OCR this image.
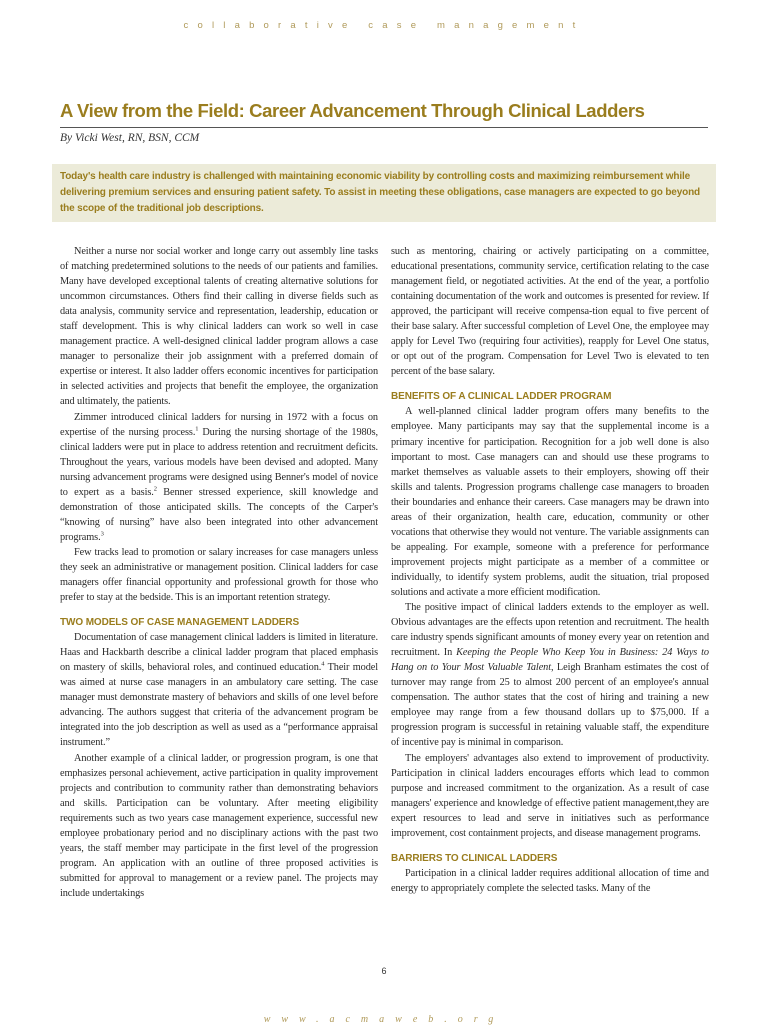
collaborative case management
A View from the Field: Career Advancement Through Clinical Ladders
By Vicki West, RN, BSN, CCM
Today's health care industry is challenged with maintaining economic viability by controlling costs and maximizing reimbursement while delivering premium services and ensuring patient safety. To assist in meeting these obligations, case managers are expected to go beyond the scope of the traditional job descriptions.

Neither a nurse nor social worker and longe carry out assembly line tasks of matching predetermined solutions to the needs of our patients and families. Many have developed exceptional talents of creating alternative solutions for uncommon circumstances. Others find their calling in diverse fields such as data analysis, community service and representation, leadership, education or staff development. This is why clinical ladders can work so well in case management practice. A well-designed clinical ladder program allows a case manager to personalize their job assignment with a preferred domain of expertise or interest. It also ladder offers economic incentives for participation in selected activities and projects that benefit the employee, the organization and ultimately, the patients.

Zimmer introduced clinical ladders for nursing in 1972 with a focus on expertise of the nursing process.$^1$ During the nursing shortage of the 1980s, clinical ladders were put in place to address retention and recruitment deficits. Throughout the years, various models have been devised and adopted. Many nursing advancement programs were designed using Benner's model of novice to expert as a basis.$^2$ Benner stressed experience, skill knowledge and demonstration of those anticipated skills. The concepts of the Carper's “knowing of nursing” have also been integrated into other advancement programs.$^3$

Few tracks lead to promotion or salary increases for case managers unless they seek an administrative or management position. Clinical ladders for case managers offer financial opportunity and professional growth for those who prefer to stay at the bedside. This is an important retention strategy.

TWO MODELS OF CASE MANAGEMENT LADDERS

Documentation of case management clinical ladders is limited in literature. Haas and Hackbarth describe a clinical ladder program that placed emphasis on mastery of skills, behavioral roles, and continued education.$^4$ Their model was aimed at nurse case managers in an ambulatory care setting. The case manager must demonstrate mastery of behaviors and skills of one level before advancing. The authors suggest that criteria of the advancement program be integrated into the job description as well as used as a “performance appraisal instrument.”

Another example of a clinical ladder, or progression program, is one that emphasizes personal achievement, active participation in quality improvement projects and contribution to community rather than demonstrating behaviors and skills. Participation can be voluntary. After meeting eligibility requirements such as two years case management experience, successful new employee probationary period and no disciplinary actions with the past two years, the staff member may participate in the first level of the progression program. An application with an outline of three proposed activities is submitted for approval to management or a review panel. The projects may include undertakings

such as mentoring, chairing or actively participating on a committee, educational presentations, community service, certification relating to the case management field, or negotiated activities. At the end of the year, a portfolio containing documentation of the work and outcomes is presented for review. If approved, the participant will receive compensa-tion equal to five percent of their base salary. After successful completion of Level One, the employee may apply for Level Two (requiring four activities), reapply for Level One status, or opt out of the program. Compensation for Level Two is elevated to ten percent of the base salary.

BENEFITS OF A CLINICAL LADDER PROGRAM

A well-planned clinical ladder program offers many benefits to the employee. Many participants may say that the supplemental income is a primary incentive for participation. Recognition for a job well done is also important to most. Case managers can and should use these programs to market themselves as valuable assets to their employers, showing off their skills and talents. Progression programs challenge case managers to broaden their boundaries and enhance their careers. Case managers may be drawn into areas of their organization, health care, education, community or other vocations that otherwise they would not venture. The variable assignments can be appealing. For example, someone with a preference for performance improvement projects might participate as a member of a committee or individually, to identify system problems, audit the situation, trial proposed solutions and activate a more efficient modification.

The positive impact of clinical ladders extends to the employer as well. Obvious advantages are the effects upon retention and recruitment. The health care industry spends significant amounts of money every year on retention and recruitment. In Keeping the People Who Keep You in Business: 24 Ways to Hang on to Your Most Valuable Talent, Leigh Branham estimates the cost of turnover may range from 25 to almost 200 percent of an employee's annual compensation. The author states that the cost of hiring and training a new employee may range from a few thousand dollars up to $75,000. If a progression program is successful in retaining valuable staff, the expenditure of incentive pay is minimal in comparison.

The employers' advantages also extend to improvement of productivity. Participation in clinical ladders encourages efforts which lead to common purpose and increased commitment to the organization. As a result of case managers' experience and knowledge of effective patient management,they are expert resources to lead and serve in initiatives such as performance improvement, cost containment projects, and disease management programs.

BARRIERS TO CLINICAL LADDERS

Participation in a clinical ladder requires additional allocation of time and energy to appropriately complete the selected tasks. Many of the

6
www.acmaweb.org
